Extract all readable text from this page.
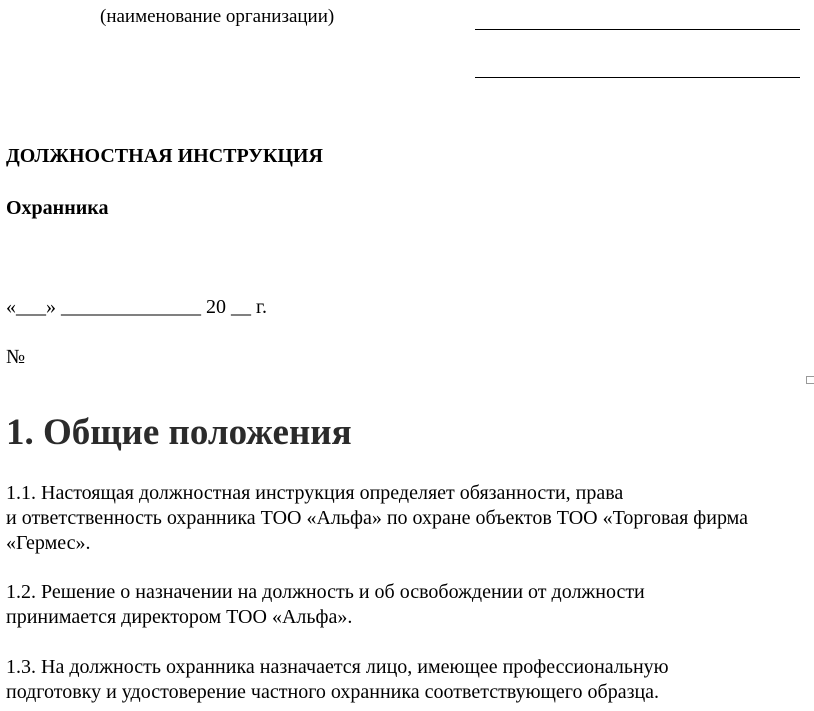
(наименование организации)
ДОЛЖНОСТНАЯ ИНСТРУКЦИЯ
Охранника
«___» ______________ 20 __ г.
№
1. Общие положения
1.1. Настоящая должностная инструкция определяет обязанности, права
и ответственность охранника ТОО «Альфа» по охране объектов ТОО «Торговая фирма
«Гермес».
1.2. Решение о назначении на должность и об освобождении от должности
принимается директором ТОО «Альфа».
1.3. На должность охранника назначается лицо, имеющее профессиональную
подготовку и удостоверение частного охранника соответствующего образца.
